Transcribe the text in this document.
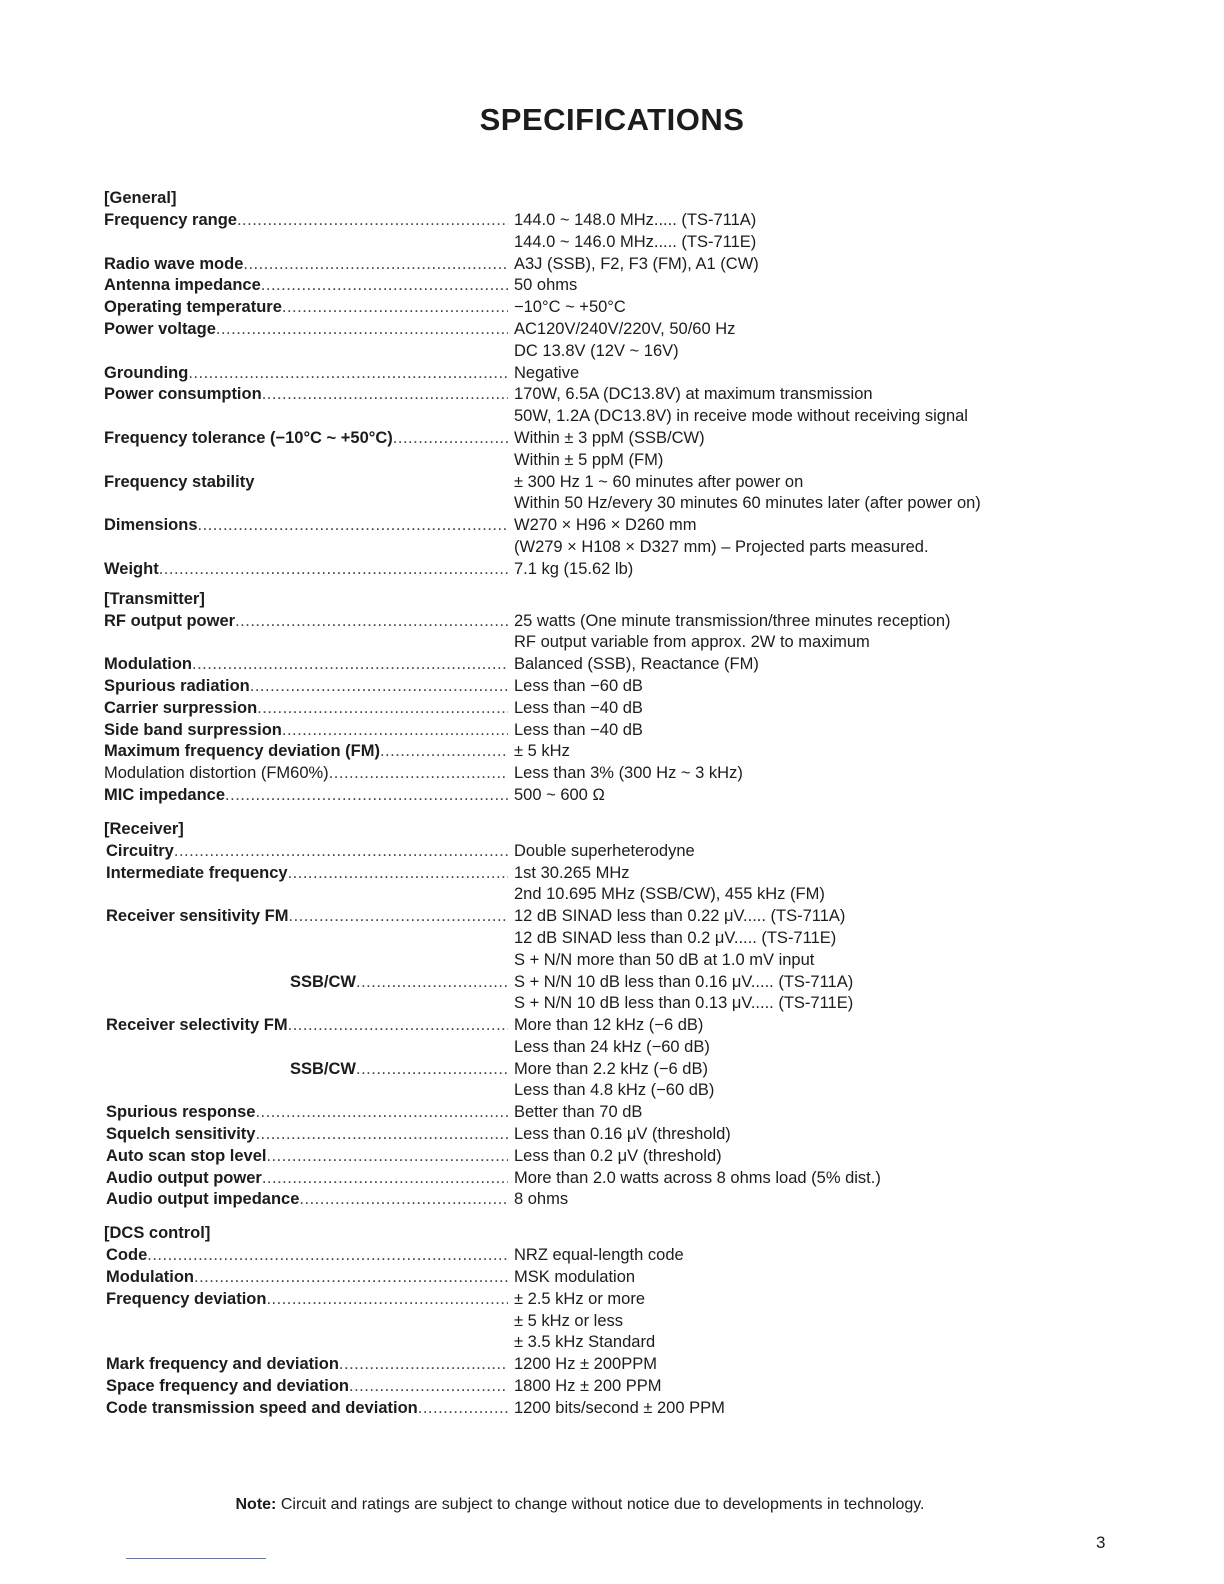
SPECIFICATIONS
[General]
Frequency range .....	144.0 ~ 148.0 MHz..... (TS-711A)
144.0 ~ 146.0 MHz..... (TS-711E)
Radio wave mode .....	A3J (SSB), F2, F3 (FM), A1 (CW)
Antenna impedance .....	50 ohms
Operating temperature .....	−10°C ~ +50°C
Power voltage .....	AC120V/240V/220V, 50/60 Hz
DC 13.8V (12V ~ 16V)
Grounding .....	Negative
Power consumption .....	170W, 6.5A (DC13.8V) at maximum transmission
50W, 1.2A (DC13.8V) in receive mode without receiving signal
Frequency tolerance (−10°C ~ +50°C) .....	Within ± 3 ppM (SSB/CW)
Within ± 5 ppM (FM)
Frequency stability	± 300 Hz 1 ~ 60 minutes after power on
Within 50 Hz/every 30 minutes 60 minutes later (after power on)
Dimensions .....	W270 × H96 × D260 mm
(W279 × H108 × D327 mm) – Projected parts measured.
Weight .....	7.1 kg (15.62 lb)
[Transmitter]
RF output power .....	25 watts (One minute transmission/three minutes reception)
RF output variable from approx. 2W to maximum
Modulation .....	Balanced (SSB), Reactance (FM)
Spurious radiation .....	Less than −60 dB
Carrier surpression .....	Less than −40 dB
Side band surpression .....	Less than −40 dB
Maximum frequency deviation (FM) .....	± 5 kHz
Modulation distortion (FM60%) .....	Less than 3% (300 Hz ~ 3 kHz)
MIC impedance .....	500 ~ 600 Ω
[Receiver]
Circuitry .....	Double superheterodyne
Intermediate frequency .....	1st 30.265 MHz
2nd 10.695 MHz (SSB/CW), 455 kHz (FM)
Receiver sensitivity FM .....	12 dB SINAD less than 0.22 μV..... (TS-711A)
12 dB SINAD less than 0.2 μV..... (TS-711E)
S + N/N more than 50 dB at 1.0 mV input
SSB/CW .....	S + N/N 10 dB less than 0.16 μV..... (TS-711A)
S + N/N 10 dB less than 0.13 μV..... (TS-711E)
Receiver selectivity FM .....	More than 12 kHz (−6 dB)
Less than 24 kHz (−60 dB)
SSB/CW .....	More than 2.2 kHz (−6 dB)
Less than 4.8 kHz (−60 dB)
Spurious response .....	Better than 70 dB
Squelch sensitivity .....	Less than 0.16 μV (threshold)
Auto scan stop level .....	Less than 0.2 μV (threshold)
Audio output power .....	More than 2.0 watts across 8 ohms load (5% dist.)
Audio output impedance .....	8 ohms
[DCS control]
Code .....	NRZ equal-length code
Modulation .....	MSK modulation
Frequency deviation .....	± 2.5 kHz or more
± 5 kHz or less
± 3.5 kHz Standard
Mark frequency and deviation .....	1200 Hz ± 200PPM
Space frequency and deviation .....	1800 Hz ± 200 PPM
Code transmission speed and deviation .....	1200 bits/second ± 200 PPM
Note: Circuit and ratings are subject to change without notice due to developments in technology.
3
